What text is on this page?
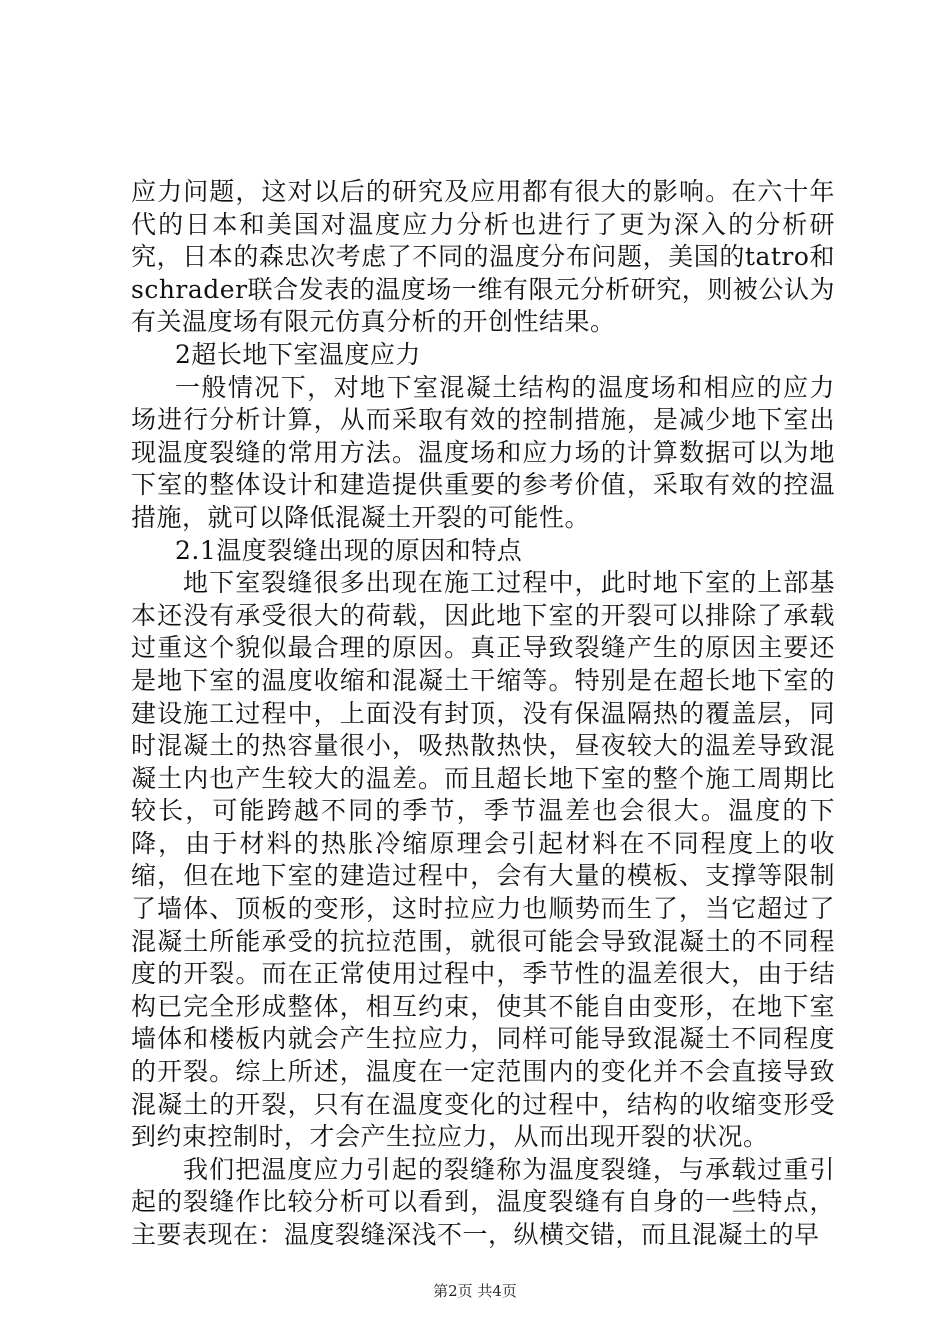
应力问题，这对以后的研究及应用都有很大的影响。在六十年代的日本和美国对温度应力分析也进行了更为深入的分析研究，日本的森忠次考虑了不同的温度分布问题，美国的tatro和schrader联合发表的温度场一维有限元分析研究，则被公认为有关温度场有限元仿真分析的开创性结果。

2超长地下室温度应力

一般情况下，对地下室混凝土结构的温度场和相应的应力场进行分析计算，从而采取有效的控制措施，是减少地下室出现温度裂缝的常用方法。温度场和应力场的计算数据可以为地下室的整体设计和建造提供重要的参考价值，采取有效的控温措施，就可以降低混凝土开裂的可能性。

2.1温度裂缝出现的原因和特点

地下室裂缝很多出现在施工过程中，此时地下室的上部基本还没有承受很大的荷载，因此地下室的开裂可以排除了承载过重这个貌似最合理的原因。真正导致裂缝产生的原因主要还是地下室的温度收缩和混凝土干缩等。特别是在超长地下室的建设施工过程中，上面没有封顶，没有保温隔热的覆盖层，同时混凝土的热容量很小，吸热散热快，昼夜较大的温差导致混凝土内也产生较大的温差。而且超长地下室的整个施工周期比较长，可能跨越不同的季节，季节温差也会很大。温度的下降，由于材料的热胀冷缩原理会引起材料在不同程度上的收缩，但在地下室的建造过程中，会有大量的模板、支撑等限制了墙体、顶板的变形，这时拉应力也顺势而生了，当它超过了混凝土所能承受的抗拉范围，就很可能会导致混凝土的不同程度的开裂。而在正常使用过程中，季节性的温差很大，由于结构已完全形成整体，相互约束，使其不能自由变形，在地下室墙体和楼板内就会产生拉应力，同样可能导致混凝土不同程度的开裂。综上所述，温度在一定范围内的变化并不会直接导致混凝土的开裂，只有在温度变化的过程中，结构的收缩变形受到约束控制时，才会产生拉应力，从而出现开裂的状况。

我们把温度应力引起的裂缝称为温度裂缝，与承载过重引起的裂缝作比较分析可以看到，温度裂缝有自身的一些特点，主要表现在：温度裂缝深浅不一，纵横交错，而且混凝土的早

第2页 共4页
